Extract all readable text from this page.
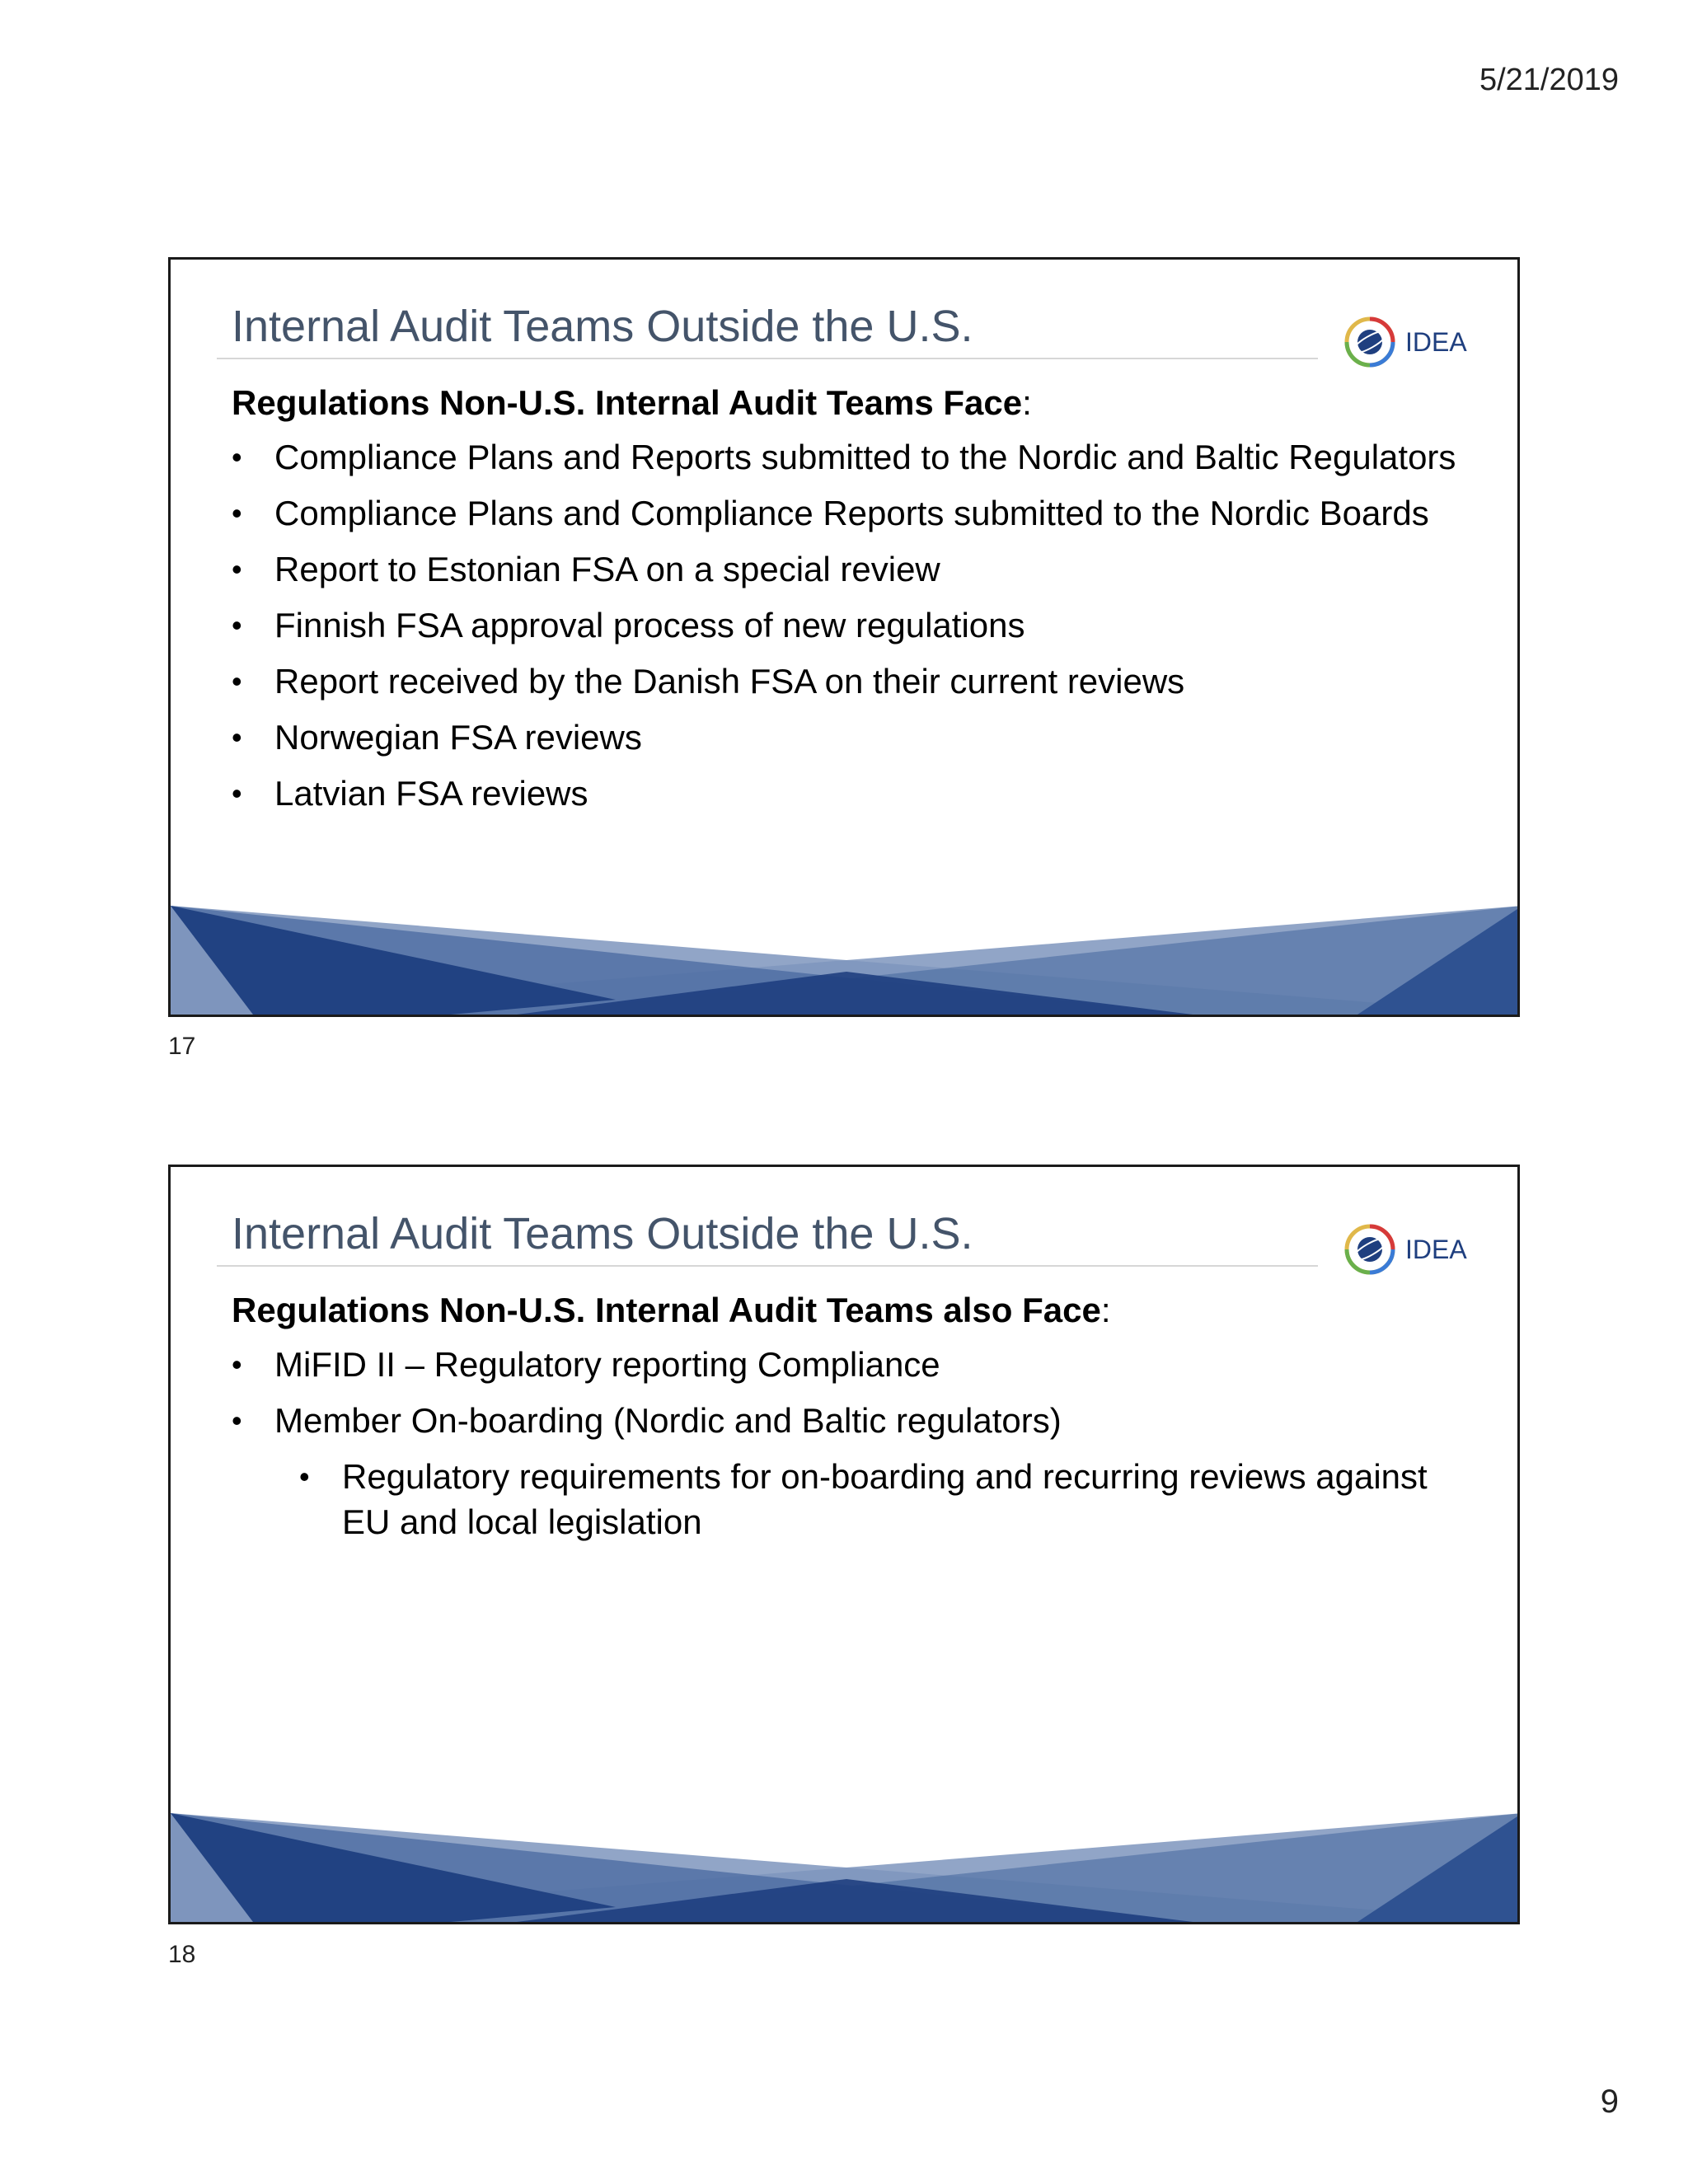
5/21/2019
Internal Audit Teams Outside the U.S.	IDEA
Regulations Non-U.S. Internal Audit Teams Face:
• Compliance Plans and Reports submitted to the Nordic and Baltic Regulators
• Compliance Plans and Compliance Reports submitted to the Nordic Boards
• Report to Estonian FSA on a special review
• Finnish FSA approval process of new regulations
• Report received by the Danish FSA on their current reviews
• Norwegian FSA reviews
• Latvian FSA reviews
17
Internal Audit Teams Outside the U.S.	IDEA
Regulations Non-U.S. Internal Audit Teams also Face:
• MiFID II – Regulatory reporting Compliance
• Member On-boarding (Nordic and Baltic regulators)
• Regulatory requirements for on-boarding and recurring reviews against EU and local legislation
18
9
